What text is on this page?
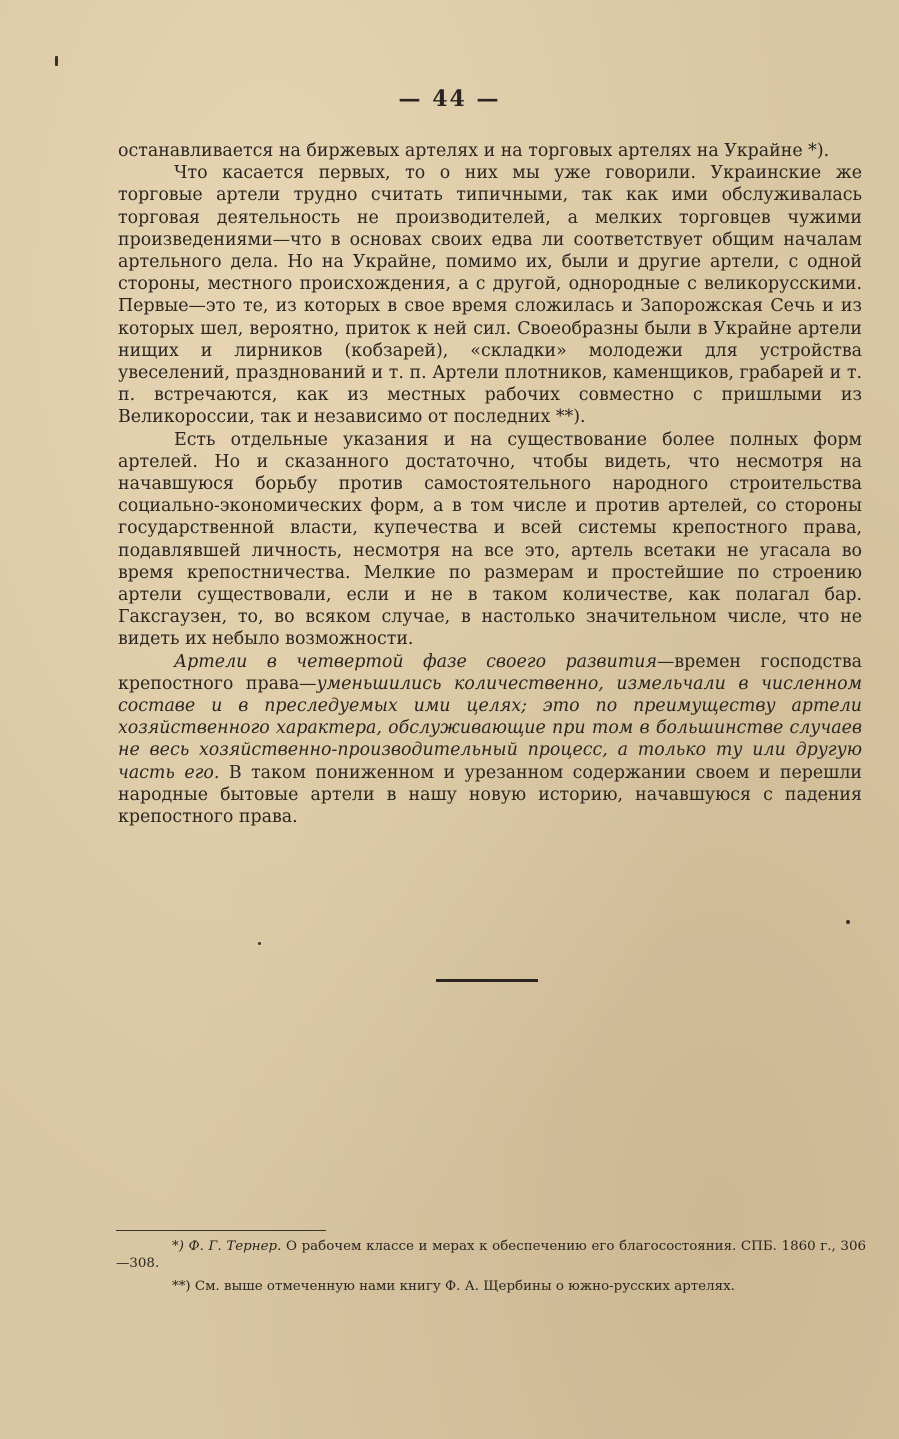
— 44 —

останавливается на биржевых артелях и на торговых артелях на Украйне *).

Что касается первых, то о них мы уже говорили. Украинские же торговые артели трудно считать типичными, так как ими обслуживалась торговая деятельность не производителей, а мелких торговцев чужими произведениями—что в основах своих едва ли соответствует общим началам артельного дела. Но на Украйне, помимо их, были и другие артели, с одной стороны, местного происхождения, а с другой, однородные с великорусскими. Первые—это те, из которых в свое время сложилась и Запорожская Сечь и из которых шел, вероятно, приток к ней сил. Своеобразны были в Украйне артели нищих и лирников (кобзарей), «складки» молодежи для устройства увеселений, празднований и т. п. Артели плотников, каменщиков, грабарей и т. п. встречаются, как из местных рабочих совместно с пришлыми из Великороссии, так и независимо от последних **).

Есть отдельные указания и на существование более полных форм артелей. Но и сказанного достаточно, чтобы видеть, что несмотря на начавшуюся борьбу против самостоятельного народного строительства социально-экономических форм, а в том числе и против артелей, со стороны государственной власти, купечества и всей системы крепостного права, подавлявшей личность, несмотря на все это, артель всетаки не угасала во время крепостничества. Мелкие по размерам и простейшие по строению артели существовали, если и не в таком количестве, как полагал бар. Гаксгаузен, то, во всяком случае, в настолько значительном числе, что не видеть их небыло возможности.

Артели в четвертой фазе своего развития—времен господства крепостного права—уменьшились количественно, измельчали в численном составе и в преследуемых ими целях; это по преимуществу артели хозяйственного характера, обслуживающие при том в большинстве случаев не весь хозяйственно-производительный процесс, а только ту или другую часть его. В таком пониженном и урезанном содержании своем и перешли народные бытовые артели в нашу новую историю, начавшуюся с падения крепостного права.

*) Ф. Г. Тернер. О рабочем классе и мерах к обеспечению его благосостояния. СПБ. 1860 г., 306—308.

**) См. выше отмеченную нами книгу Ф. А. Щербины о южно-русских артелях.
